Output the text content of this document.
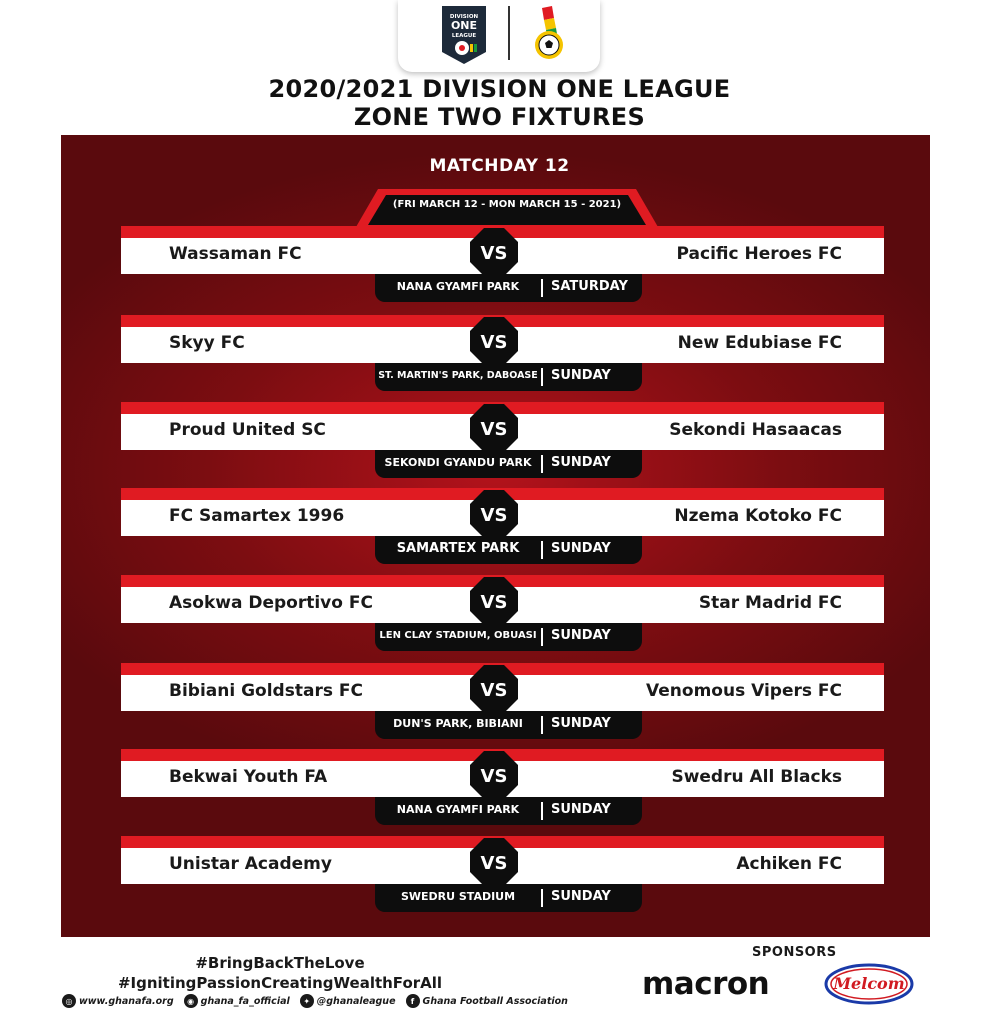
DIVISION
ONE
LEAGUE
2020/2021 DIVISION ONE LEAGUE
ZONE TWO FIXTURES
MATCHDAY 12
(FRI MARCH 12 - MON MARCH 15 - 2021)
Wassaman FC	Pacific Heroes FC
VS
NANA GYAMFI PARK	SATURDAY
Skyy FC	New Edubiase FC
VS
ST. MARTIN'S PARK, DABOASE SUNDAY
Proud United SC	Sekondi Hasaacas
VS
SEKONDI GYANDU PARK	SUNDAY
FC Samartex 1996	Nzema Kotoko FC
VS
SAMARTEX PARK	SUNDAY
Asokwa Deportivo FC	Star Madrid FC
VS
LEN CLAY STADIUM, OBUASI	SUNDAY
Bibiani Goldstars FC	Venomous Vipers FC
VS
DUN'S PARK, BIBIANI	SUNDAY
Bekwai Youth FA	Swedru All Blacks
VS
NANA GYAMFI PARK	SUNDAY
Unistar Academy	Achiken FC
VS
SWEDRU STADIUM	SUNDAY
#BringBackTheLove
#IgnitingPassionCreatingWealthForAll
◎ www.ghanafa.org	◉ ghana_fa_official	✦ @ghanaleague	f Ghana Football Association
SPONSORS
macron	Melcom
